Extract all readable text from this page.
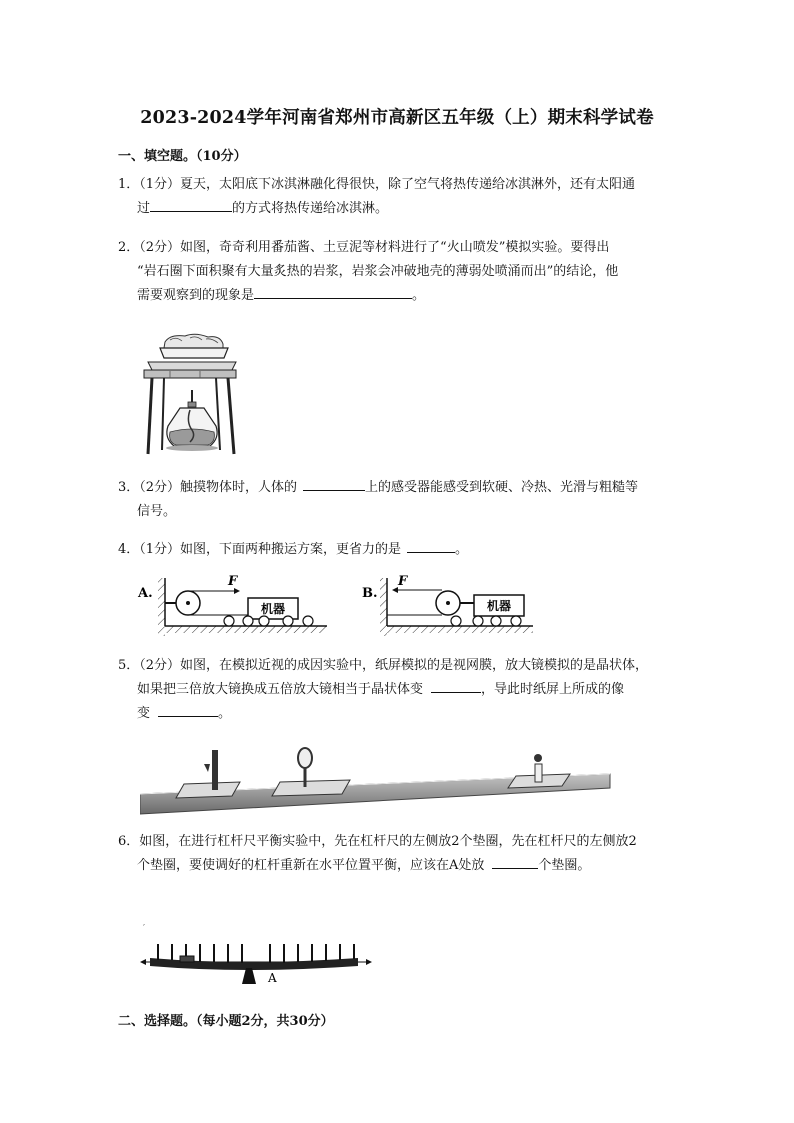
2023-2024学年河南省郑州市高新区五年级（上）期末科学试卷
一、填空题。（10分）
1．（1分）夏天，太阳底下冰淇淋融化得很快，除了空气将热传递给冰淇淋外，还有太阳通
过	的方式将热传递给冰淇淋。
2．（2分）如图，奇奇利用番茄酱、土豆泥等材料进行了“火山喷发”模拟实验。要得出
“岩石圈下面积聚有大量炙热的岩浆，岩浆会冲破地壳的薄弱处喷涌而出”的结论，他
需要观察到的现象是	。
3．（2分）触摸物体时，人体的	上的感受器能感受到软硬、冷热、光滑与粗糙等
信号。
4．（1分）如图，下面两种搬运方案，更省力的是	。
A.
F
机器
B.
F
机器
5．（2分）如图，在模拟近视的成因实验中，纸屏模拟的是视网膜，放大镜模拟的是晶状体，
如果把三倍放大镜换成五倍放大镜相当于晶状体变	，导此时纸屏上所成的像
变	。
6．如图，在进行杠杆尺平衡实验中，先在杠杆尺的左侧放2个垫圈，先在杠杆尺的左侧放2
个垫圈，要使调好的杠杆重新在水平位置平衡，应该在A处放	个垫圈。
′
A
二、选择题。（每小题2分，共30分）
